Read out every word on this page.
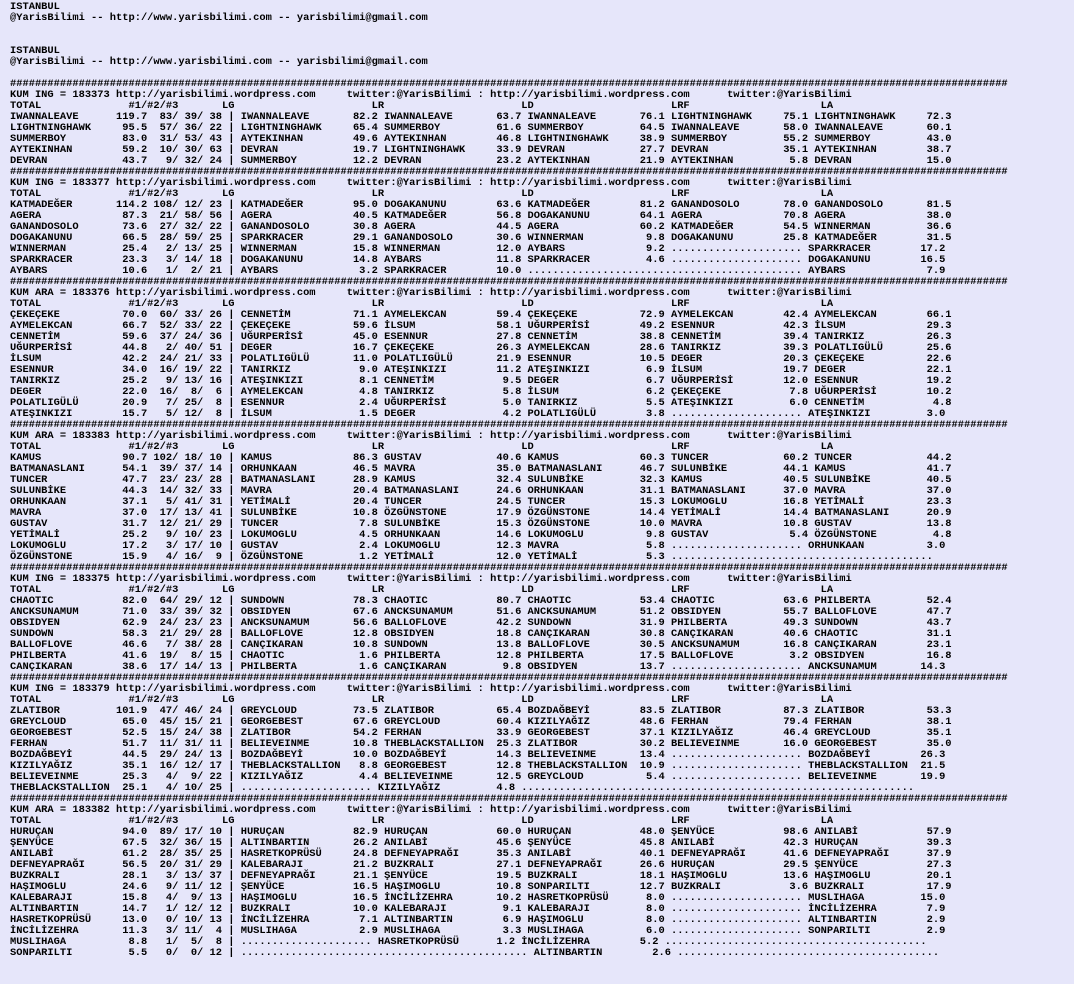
ISTANBUL
@YarisBilimi -- http://www.yarisbilimi.com -- yarisbilimi@gmail.com
ISTANBUL
@YarisBilimi -- http://www.yarisbilimi.com -- yarisbilimi@gmail.com
################################################################################################################################################################
KUM ING = 183373 http://yarisbilimi.wordpress.com     twitter:@YarisBilimi : http://yarisbilimi.wordpress.com      twitter:@YarisBilimi
TOTAL              #1/#2/#3       LG                      LR                      LD                      LRF                     LA
IWANNALEAVE      119.7  83/ 39/ 38 | IWANNALEAVE       82.2 IWANNALEAVE       63.7 IWANNALEAVE       76.1 LIGHTNINGHAWK     75.1 LIGHTNINGHAWK     72.3
LIGHTNINGHAWK     95.5  57/ 36/ 22 | LIGHTNINGHAWK     65.4 SUMMERBOY         61.6 SUMMERBOY         64.5 IWANNALEAVE       58.0 IWANNALEAVE       60.1
SUMMERBOY         83.0  31/ 53/ 43 | AYTEKINHAN        49.6 AYTEKINHAN        46.8 LIGHTNINGHAWK     38.9 SUMMERBOY         55.2 SUMMERBOY         43.0
AYTEKINHAN        59.2  10/ 30/ 63 | DEVRAN            19.7 LIGHTNINGHAWK     33.9 DEVRAN            27.7 DEVRAN            35.1 AYTEKINHAN        38.7
DEVRAN            43.7   9/ 32/ 24 | SUMMERBOY         12.2 DEVRAN            23.2 AYTEKINHAN        21.9 AYTEKINHAN         5.8 DEVRAN            15.0
################################################################################################################################################################
KUM ING = 183377 http://yarisbilimi.wordpress.com     twitter:@YarisBilimi : http://yarisbilimi.wordpress.com      twitter:@YarisBilimi
TOTAL              #1/#2/#3       LG                      LR                      LD                      LRF                     LA
KATMADEĞER       114.2 108/ 12/ 23 | KATMADEĞER        95.0 DOGAKANUNU        63.6 KATMADEĞER        81.2 GANANDOSOLO       78.0 GANANDOSOLO       81.5
AGERA             87.3  21/ 58/ 56 | AGERA             40.5 KATMADEĞER        56.8 DOGAKANUNU        64.1 AGERA             70.8 AGERA             38.0
GANANDOSOLO       73.6  27/ 32/ 22 | GANANDOSOLO       30.8 AGERA             44.5 AGERA             60.2 KATMADEĞER        54.5 WINNERMAN         36.6
DOGAKANUNU        66.5  28/ 59/ 25 | SPARKRACER        29.1 GANANDOSOLO       30.6 WINNERMAN          9.8 DOGAKANUNU        25.8 KATMADEĞER        31.5
WINNERMAN         25.4   2/ 13/ 25 | WINNERMAN         15.8 WINNERMAN         12.0 AYBARS             9.2 ..................... SPARKRACER        17.2
SPARKRACER        23.3   3/ 14/ 18 | DOGAKANUNU        14.8 AYBARS            11.8 SPARKRACER         4.6 ..................... DOGAKANUNU        16.5
AYBARS            10.6   1/  2/ 21 | AYBARS             3.2 SPARKRACER        10.0 ............................................ AYBARS             7.9
################################################################################################################################################################
KUM ARA = 183376 http://yarisbilimi.wordpress.com     twitter:@YarisBilimi : http://yarisbilimi.wordpress.com      twitter:@YarisBilimi
TOTAL              #1/#2/#3       LG                      LR                      LD                      LRF                     LA
ÇEKEÇEKE          70.0  60/ 33/ 26 | CENNETİM          71.1 AYMELEKCAN        59.4 ÇEKEÇEKE          72.9 AYMELEKCAN        42.4 AYMELEKCAN        66.1
AYMELEKCAN        66.7  52/ 33/ 22 | ÇEKEÇEKE          59.6 İLSUM             58.1 UĞURPERİSİ        49.2 ESENNUR           42.3 İLSUM             29.3
CENNETİM          59.6  37/ 24/ 36 | UĞURPERİSİ        45.0 ESENNUR           27.8 CENNETİM          38.8 CENNETİM          39.4 TANIRKIZ          26.3
UĞURPERİSİ        44.8   2/ 40/ 51 | DEGER             16.7 ÇEKEÇEKE          26.3 AYMELEKCAN        28.6 TANIRKIZ          39.3 POLATLIGÜLÜ       25.6
İLSUM             42.2  24/ 21/ 33 | POLATLIGÜLÜ       11.0 POLATLIGÜLÜ       21.9 ESENNUR           10.5 DEGER             20.3 ÇEKEÇEKE          22.6
ESENNUR           34.0  16/ 19/ 22 | TANIRKIZ           9.0 ATEŞINKIZI        11.2 ATEŞINKIZI         6.9 İLSUM             19.7 DEGER             22.1
TANIRKIZ          25.2   9/ 13/ 16 | ATEŞINKIZI         8.1 CENNETİM           9.5 DEGER              6.7 UĞURPERİSİ        12.0 ESENNUR           19.2
DEGER             22.0  16/  8/  6 | AYMELEKCAN         4.8 TANIRKIZ           5.8 İLSUM              6.2 ÇEKEÇEKE           7.8 UĞURPERİSİ        10.2
POLATLIGÜLÜ       20.9   7/ 25/  8 | ESENNUR            2.4 UĞURPERİSİ         5.0 TANIRKIZ           5.5 ATEŞINKIZI         6.0 CENNETİM           4.8
ATEŞINKIZI        15.7   5/ 12/  8 | İLSUM              1.5 DEGER              4.2 POLATLIGÜLÜ        3.8 ..................... ATEŞINKIZI         3.0
################################################################################################################################################################
KUM ARA = 183383 http://yarisbilimi.wordpress.com     twitter:@YarisBilimi : http://yarisbilimi.wordpress.com      twitter:@YarisBilimi
TOTAL              #1/#2/#3       LG                      LR                      LD                      LRF                     LA
KAMUS             90.7 102/ 18/ 10 | KAMUS             86.3 GUSTAV            40.6 KAMUS             60.3 TUNCER            60.2 TUNCER            44.2
BATMANASLANI      54.1  39/ 37/ 14 | ORHUNKAAN         46.5 MAVRA             35.0 BATMANASLANI      46.7 SULUNBİKE         44.1 KAMUS             41.7
TUNCER            47.7  23/ 23/ 28 | BATMANASLANI      28.9 KAMUS             32.4 SULUNBİKE         32.3 KAMUS             40.5 SULUNBİKE         40.5
SULUNBİKE         44.3  14/ 32/ 33 | MAVRA             20.4 BATMANASLANI      24.6 ORHUNKAAN         31.1 BATMANASLANI      37.0 MAVRA             37.0
ORHUNKAAN         37.1   5/ 41/ 31 | YETİMALİ          20.4 TUNCER            24.5 TUNCER            15.3 LOKUMOGLU         16.8 YETİMALİ          23.3
MAVRA             37.0  17/ 13/ 41 | SULUNBİKE         10.8 ÖZGÜNSTONE        17.9 ÖZGÜNSTONE        14.4 YETİMALİ          14.4 BATMANASLANI      20.9
GUSTAV            31.7  12/ 21/ 29 | TUNCER             7.8 SULUNBİKE         15.3 ÖZGÜNSTONE        10.0 MAVRA             10.8 GUSTAV            13.8
YETİMALİ          25.2   9/ 10/ 23 | LOKUMOGLU          4.5 ORHUNKAAN         14.6 LOKUMOGLU          9.8 GUSTAV             5.4 ÖZGÜNSTONE         4.8
LOKUMOGLU         17.2   3/ 17/ 10 | GUSTAV             2.4 LOKUMOGLU         12.3 MAVRA              5.8 ..................... ORHUNKAAN          3.0
ÖZGÜNSTONE        15.9   4/ 16/  9 | ÖZGÜNSTONE         1.2 YETİMALİ          12.0 YETİMALİ           5.3 ..........................................
################################################################################################################################################################
KUM ING = 183375 http://yarisbilimi.wordpress.com     twitter:@YarisBilimi : http://yarisbilimi.wordpress.com      twitter:@YarisBilimi
TOTAL              #1/#2/#3       LG                      LR                      LD                      LRF                     LA
CHAOTIC           82.0  64/ 29/ 12 | SUNDOWN           78.3 CHAOTIC           80.7 CHAOTIC           53.4 CHAOTIC           63.6 PHILBERTA         52.4
ANCKSUNAMUM       71.0  33/ 39/ 32 | OBSIDYEN          67.6 ANCKSUNAMUM       51.6 ANCKSUNAMUM       51.2 OBSIDYEN          55.7 BALLOFLOVE        47.7
OBSIDYEN          62.9  24/ 23/ 23 | ANCKSUNAMUM       56.6 BALLOFLOVE        42.2 SUNDOWN           31.9 PHILBERTA         49.3 SUNDOWN           43.7
SUNDOWN           58.3  21/ 29/ 28 | BALLOFLOVE        12.8 OBSIDYEN          18.8 CANÇIKARAN        30.8 CANÇIKARAN        40.6 CHAOTIC           31.1
BALLOFLOVE        46.6   7/ 38/ 28 | CANÇIKARAN        10.8 SUNDOWN           13.8 BALLOFLOVE        30.5 ANCKSUNAMUM       16.8 CANÇIKARAN        23.1
PHILBERTA         41.6  19/  8/ 15 | CHAOTIC            1.6 PHILBERTA         12.8 PHILBERTA         17.5 BALLOFLOVE         3.2 OBSIDYEN          16.8
CANÇIKARAN        38.6  17/ 14/ 13 | PHILBERTA          1.6 CANÇIKARAN         9.8 OBSIDYEN          13.7 ..................... ANCKSUNAMUM       14.3
################################################################################################################################################################
KUM ING = 183379 http://yarisbilimi.wordpress.com     twitter:@YarisBilimi : http://yarisbilimi.wordpress.com      twitter:@YarisBilimi
TOTAL              #1/#2/#3       LG                      LR                      LD                      LRF                     LA
ZLATIBOR         101.9  47/ 46/ 24 | GREYCLOUD         73.5 ZLATIBOR          65.4 BOZDAĞBEYİ        83.5 ZLATIBOR          87.3 ZLATIBOR          53.3
GREYCLOUD         65.0  45/ 15/ 21 | GEORGEBEST        67.6 GREYCLOUD         60.4 KIZILYAĞIZ        48.6 FERHAN            79.4 FERHAN            38.1
GEORGEBEST        52.5  15/ 24/ 38 | ZLATIBOR          54.2 FERHAN            33.9 GEORGEBEST        37.1 KIZILYAĞIZ        46.4 GREYCLOUD         35.1
FERHAN            51.7  11/ 31/ 11 | BELIEVEINME       10.8 THEBLACKSTALLION  25.3 ZLATIBOR          30.2 BELIEVEINME       16.0 GEORGEBEST        35.0
BOZDAĞBEYİ        44.5  29/ 24/ 13 | BOZDAĞBEYİ        10.0 BOZDAĞBEYİ        14.3 BELIEVEINME       13.4 ..................... BOZDAĞBEYİ        26.3
KIZILYAĞIZ        35.1  16/ 12/ 17 | THEBLACKSTALLION   8.8 GEORGEBEST        12.8 THEBLACKSTALLION  10.9 ..................... THEBLACKSTALLION  21.5
BELIEVEINME       25.3   4/  9/ 22 | KIZILYAĞIZ         4.4 BELIEVEINME       12.5 GREYCLOUD          5.4 ..................... BELIEVEINME       19.9
THEBLACKSTALLION  25.1   4/ 10/ 25 | ..................... KIZILYAĞIZ         4.8 ...............................................................
################################################################################################################################################################
KUM ARA = 183382 http://yarisbilimi.wordpress.com     twitter:@YarisBilimi : http://yarisbilimi.wordpress.com      twitter:@YarisBilimi
TOTAL              #1/#2/#3       LG                      LR                      LD                      LRF                     LA
HURUÇAN           94.0  89/ 17/ 10 | HURUÇAN           82.9 HURUÇAN           60.0 HURUÇAN           48.0 ŞENYÜCE           98.6 ANILABİ           57.9
ŞENYÜCE           67.5  32/ 36/ 15 | ALTINBARTIN       26.2 ANILABİ           45.6 ŞENYÜCE           45.8 ANILABİ           42.3 HURUÇAN           39.3
ANILABİ           61.2  28/ 35/ 25 | HASRETKOPRÜSÜ     24.8 DEFNEYAPRAĞI      35.3 ANILABİ           40.1 DEFNEYAPRAĞI      41.6 DEFNEYAPRAĞI      37.9
DEFNEYAPRAĞI      56.5  20/ 31/ 29 | KALEBARAJI        21.2 BUZKRALI          27.1 DEFNEYAPRAĞI      26.6 HURUÇAN           29.5 ŞENYÜCE           27.3
BUZKRALI          28.1   3/ 13/ 37 | DEFNEYAPRAĞI      21.1 ŞENYÜCE           19.5 BUZKRALI          18.1 HAŞIMOGLU         13.6 HAŞIMOGLU         20.1
HAŞIMOGLU         24.6   9/ 11/ 12 | ŞENYÜCE           16.5 HAŞIMOGLU         10.8 SONPARILTI        12.7 BUZKRALI           3.6 BUZKRALI          17.9
KALEBARAJI        15.8   4/  9/ 13 | HAŞIMOGLU         16.5 İNCİLİZEHRA       10.2 HASRETKOPRÜSÜ      8.0 ..................... MUSLIHAGA         15.0
ALTINBARTIN       14.7   1/ 12/ 12 | BUZKRALI          10.0 KALEBARAJI         9.1 KALEBARAJI         8.0 ..................... İNCİLİZEHRA        7.9
HASRETKOPRÜSÜ     13.0   0/ 10/ 13 | İNCİLİZEHRA        7.1 ALTINBARTIN        6.9 HAŞIMOGLU          8.0 ..................... ALTINBARTIN        2.9
İNCİLİZEHRA       11.3   3/ 11/  4 | MUSLIHAGA          2.9 MUSLIHAGA          3.3 MUSLIHAGA          6.0 ..................... SONPARILTI         2.9
MUSLIHAGA          8.8   1/  5/  8 | ..................... HASRETKOPRÜSÜ      1.2 İNCİLİZEHRA        5.2 ..........................................
SONPARILTI         5.5   0/  0/ 12 | .............................................. ALTINBARTIN        2.6 ..........................................
